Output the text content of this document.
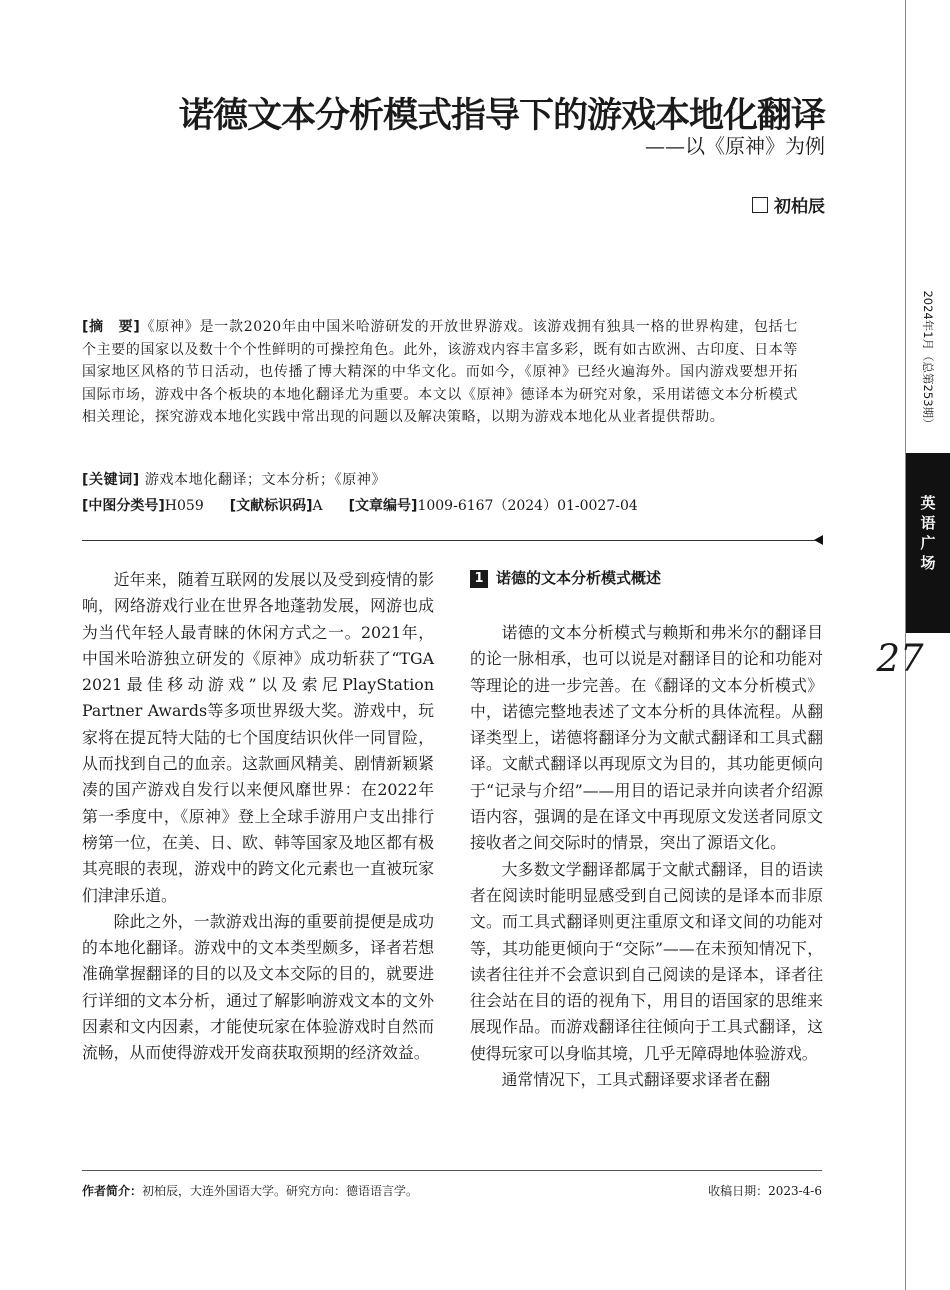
诺德文本分析模式指导下的游戏本地化翻译
——以《原神》为例
初柏辰
[摘　要]《原神》是一款2020年由中国米哈游研发的开放世界游戏。该游戏拥有独具一格的世界构建，包括七个主要的国家以及数十个个性鲜明的可操控角色。此外，该游戏内容丰富多彩，既有如古欧洲、古印度、日本等国家地区风格的节日活动，也传播了博大精深的中华文化。而如今，《原神》已经火遍海外。国内游戏要想开拓国际市场，游戏中各个板块的本地化翻译尤为重要。本文以《原神》德译本为研究对象，采用诺德文本分析模式相关理论，探究游戏本地化实践中常出现的问题以及解决策略，以期为游戏本地化从业者提供帮助。
[关键词] 游戏本地化翻译；文本分析；《原神》
[中图分类号]H059 [文献标识码]A [文章编号]1009-6167（2024）01-0027-04

近年来，随着互联网的发展以及受到疫情的影响，网络游戏行业在世界各地蓬勃发展，网游也成为当代年轻人最青睐的休闲方式之一。2021年，中国米哈游独立研发的《原神》成功斩获了“TGA 2021最佳移动游戏”以及索尼PlayStation Partner Awards等多项世界级大奖。游戏中，玩家将在提瓦特大陆的七个国度结识伙伴一同冒险，从而找到自己的血亲。这款画风精美、剧情新颖紧凑的国产游戏自发行以来便风靡世界：在2022年第一季度中，《原神》登上全球手游用户支出排行榜第一位，在美、日、欧、韩等国家及地区都有极其亮眼的表现，游戏中的跨文化元素也一直被玩家们津津乐道。

除此之外，一款游戏出海的重要前提便是成功的本地化翻译。游戏中的文本类型颇多，译者若想准确掌握翻译的目的以及文本交际的目的，就要进行详细的文本分析，通过了解影响游戏文本的文外因素和文内因素，才能使玩家在体验游戏时自然而流畅，从而使得游戏开发商获取预期的经济效益。

1 诺德的文本分析模式概述

诺德的文本分析模式与赖斯和弗米尔的翻译目的论一脉相承，也可以说是对翻译目的论和功能对等理论的进一步完善。在《翻译的文本分析模式》中，诺德完整地表述了文本分析的具体流程。从翻译类型上，诺德将翻译分为文献式翻译和工具式翻译。文献式翻译以再现原文为目的，其功能更倾向于“记录与介绍”——用目的语记录并向读者介绍源语内容，强调的是在译文中再现原文发送者同原文接收者之间交际时的情景，突出了源语文化。

大多数文学翻译都属于文献式翻译，目的语读者在阅读时能明显感受到自己阅读的是译本而非原文。而工具式翻译则更注重原文和译文间的功能对等，其功能更倾向于“交际”——在未预知情况下，读者往往并不会意识到自己阅读的是译本，译者往往会站在目的语的视角下，用目的语国家的思维来展现作品。而游戏翻译往往倾向于工具式翻译，这使得玩家可以身临其境，几乎无障碍地体验游戏。

通常情况下，工具式翻译要求译者在翻

作者简介：初柏辰，大连外国语大学。研究方向：德语语言学。	收稿日期：2023-4-6
2024年1月（总第253期）
英语广场
27
